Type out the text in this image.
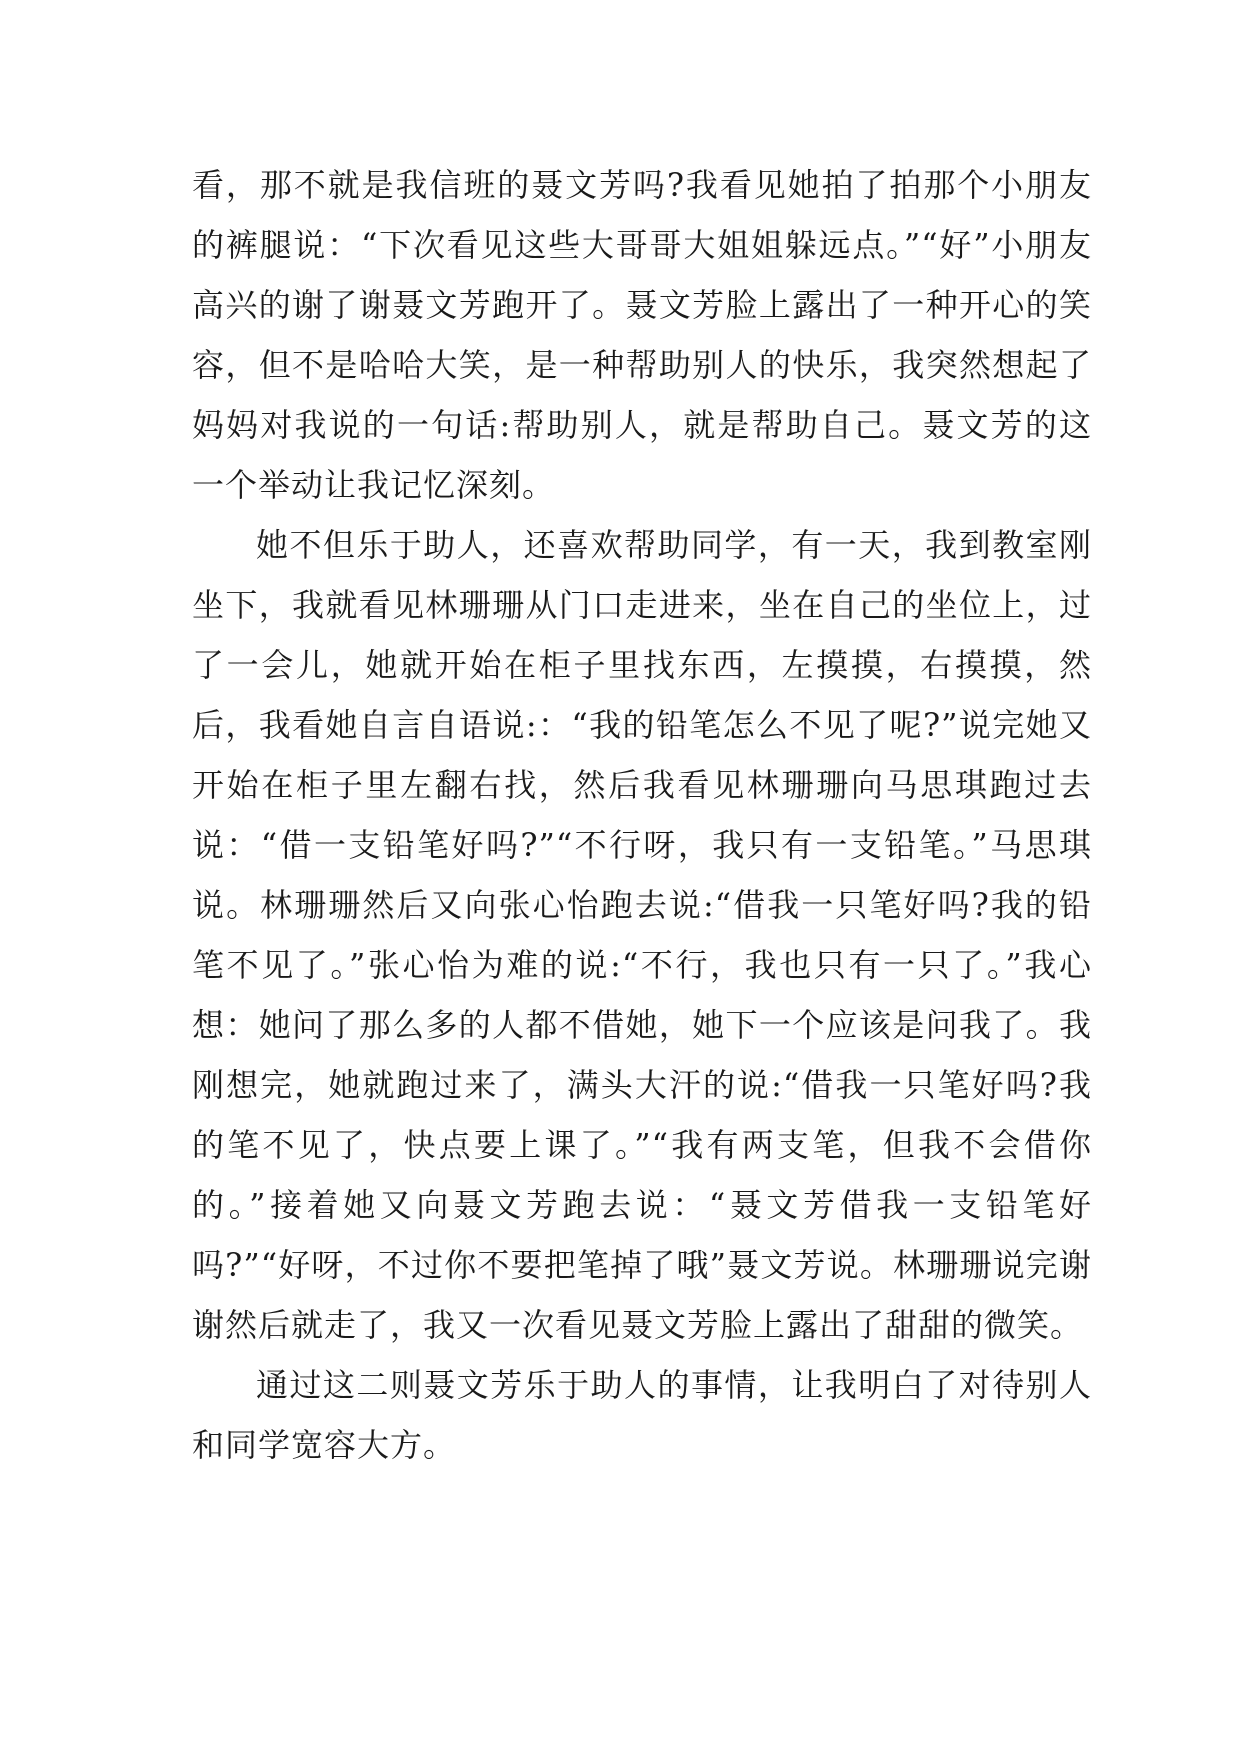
看，那不就是我信班的聂文芳吗?我看见她拍了拍那个小朋友的裤腿说：“下次看见这些大哥哥大姐姐躲远点。”“好”小朋友高兴的谢了谢聂文芳跑开了。聂文芳脸上露出了一种开心的笑容，但不是哈哈大笑，是一种帮助别人的快乐，我突然想起了妈妈对我说的一句话:帮助别人，就是帮助自己。聂文芳的这一个举动让我记忆深刻。

她不但乐于助人，还喜欢帮助同学，有一天，我到教室刚坐下，我就看见林珊珊从门口走进来，坐在自己的坐位上，过了一会儿，她就开始在柜子里找东西，左摸摸，右摸摸，然后，我看她自言自语说:：“我的铅笔怎么不见了呢?”说完她又开始在柜子里左翻右找，然后我看见林珊珊向马思琪跑过去说：“借一支铅笔好吗?”“不行呀，我只有一支铅笔。”马思琪说。林珊珊然后又向张心怡跑去说:“借我一只笔好吗?我的铅笔不见了。”张心怡为难的说:“不行，我也只有一只了。”我心想：她问了那么多的人都不借她，她下一个应该是问我了。我刚想完，她就跑过来了，满头大汗的说:“借我一只笔好吗?我的笔不见了，快点要上课了。”“我有两支笔，但我不会借你的。”接着她又向聂文芳跑去说：“聂文芳借我一支铅笔好吗?”“好呀，不过你不要把笔掉了哦”聂文芳说。林珊珊说完谢谢然后就走了，我又一次看见聂文芳脸上露出了甜甜的微笑。

通过这二则聂文芳乐于助人的事情，让我明白了对待别人和同学宽容大方。
